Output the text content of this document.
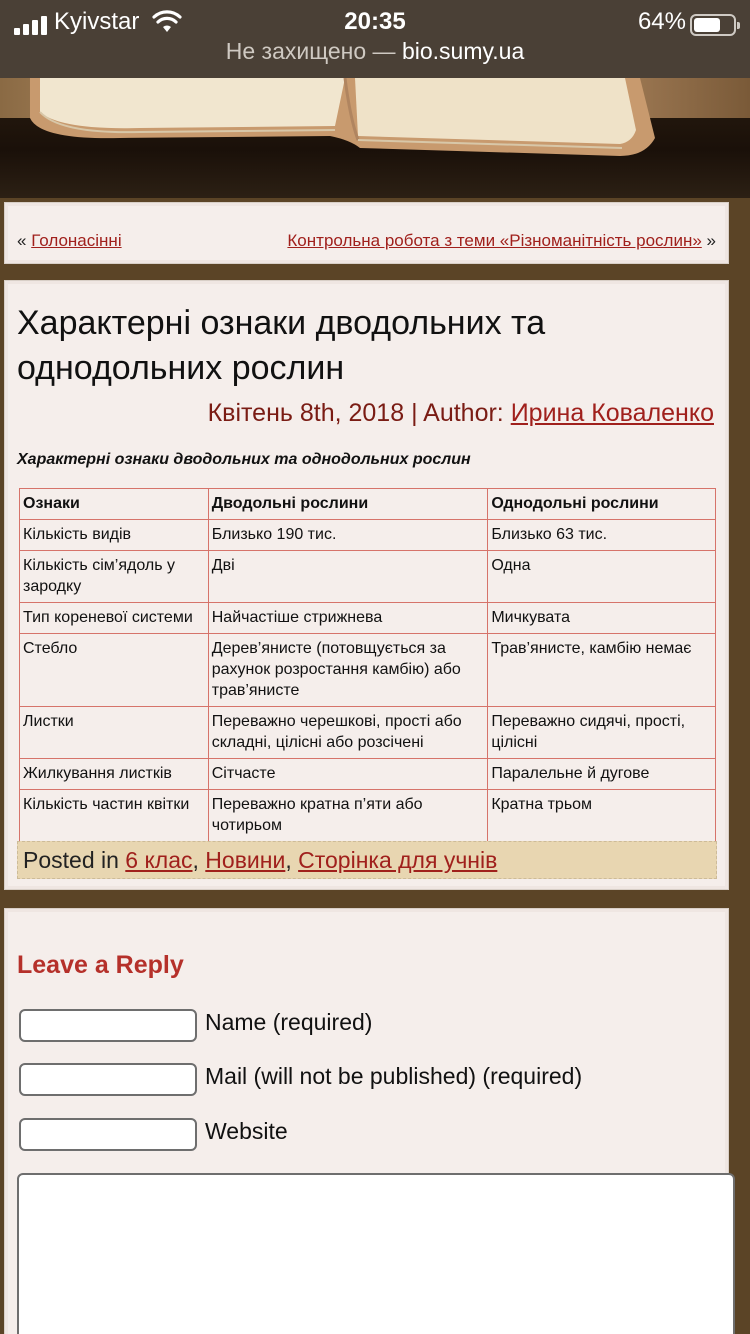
Kyivstar	20:35	64%
Не захищено — bio.sumy.ua
« Голонасінні	Контрольна робота з теми «Різноманітність рослин» »
Характерні ознаки дводольних та однодольних рослин
Квітень 8th, 2018 | Author: Ирина Коваленко
Характерні ознаки дводольних та однодольних рослин
Ознаки	Дводольні рослини	Однодольні рослини
Кількість видів	Близько 190 тис.	Близько 63 тис.
Кількість сім’ядоль у зародку	Дві	Одна
Тип кореневої системи	Найчастіше стрижнева	Мичкувата
Стебло	Дерев’янисте (потовщується за рахунок розростання камбію) або трав’янисте	Трав’янисте, камбію немає
Листки	Переважно черешкові, прості або складні, цілісні або розсічені	Переважно сидячі, прості, цілісні
Жилкування листків	Сітчасте	Паралельне й дугове
Кількість частин квітки	Переважно кратна п’яти або чотирьом	Кратна трьом
Posted in 6 клас, Новини, Сторінка для учнів
Leave a Reply
Name (required)
Mail (will not be published) (required)
Website
